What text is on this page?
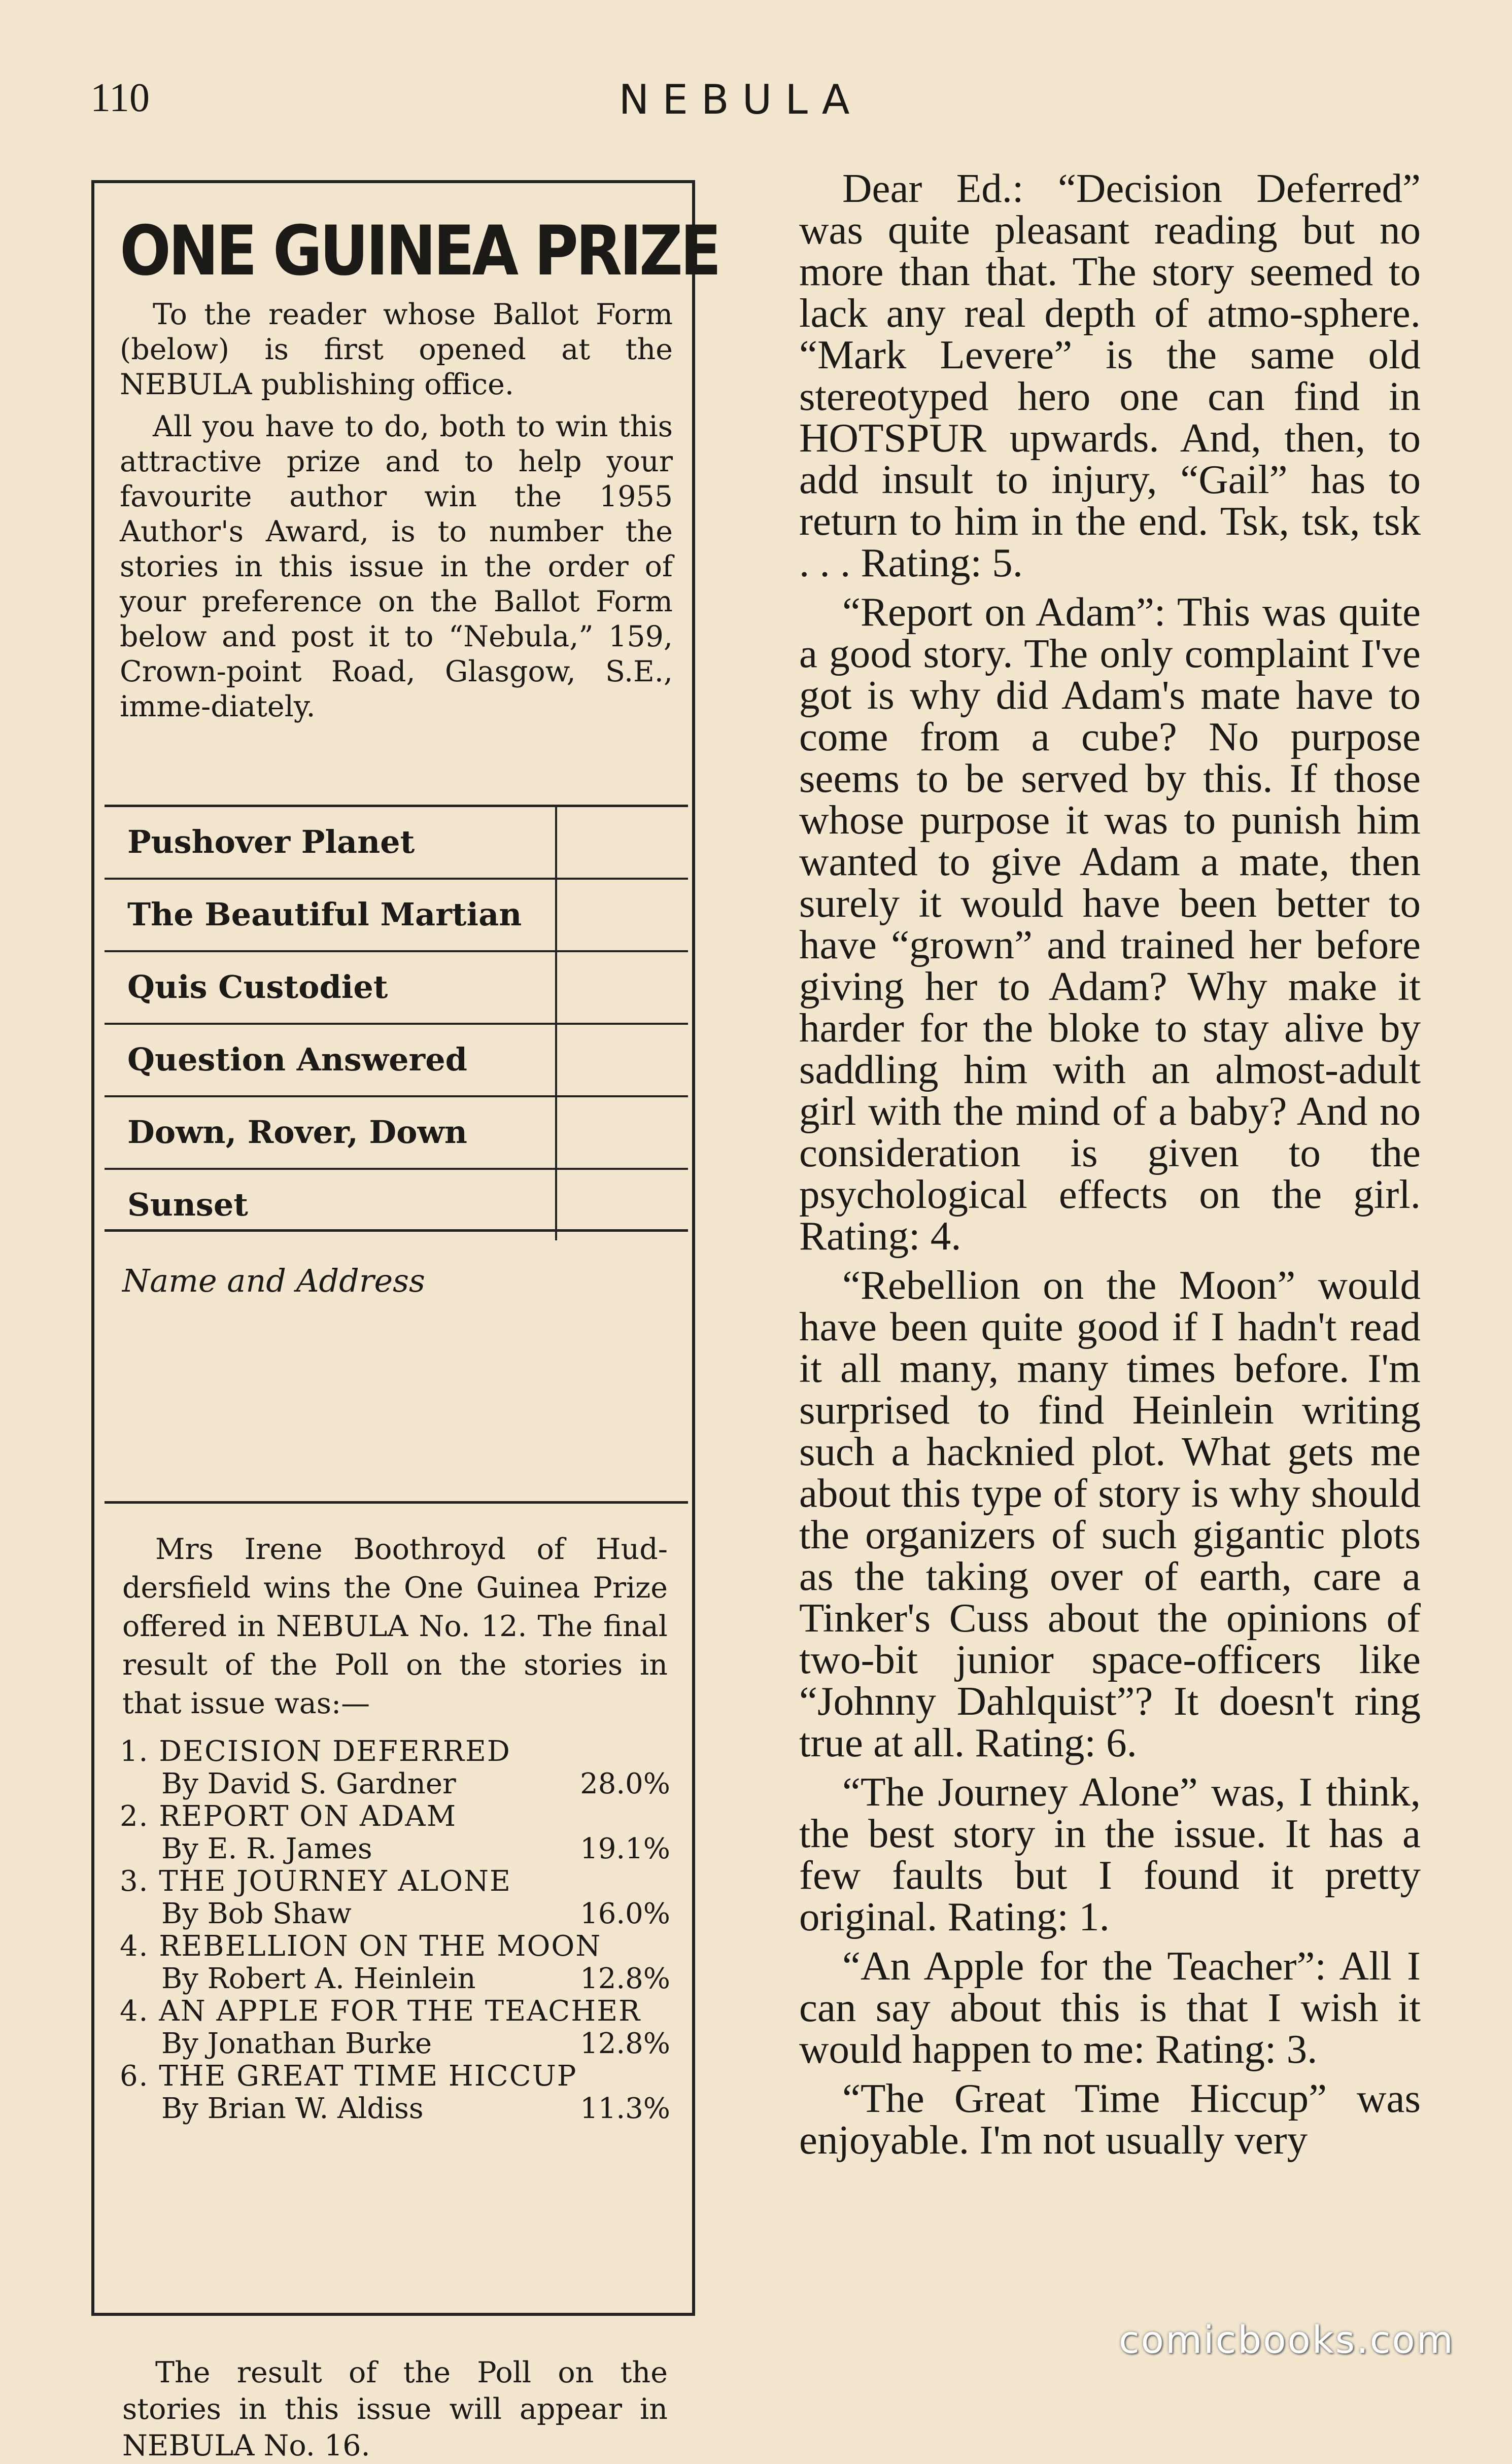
110	NEBULA
ONE GUINEA PRIZE

To the reader whose Ballot Form (below) is first opened at the NEBULA publishing office.

All you have to do, both to win this attractive prize and to help your favourite author win the 1955 Author's Award, is to number the stories in this issue in the order of your preference on the Ballot Form below and post it to “Nebula,” 159, Crown-point Road, Glasgow, S.E., imme-diately.

Pushover Planet
The Beautiful Martian
Quis Custodiet
Question Answered
Down, Rover, Down
Sunset
Name and Address
Mrs Irene Boothroyd of Hud-dersfield wins the One Guinea Prize offered in NEBULA No. 12. The final result of the Poll on the stories in that issue was:—
1. DECISION DEFERRED
By David S. Gardner	28.0%
2. REPORT ON ADAM
By E. R. James	19.1%
3. THE JOURNEY ALONE
By Bob Shaw	16.0%
4. REBELLION ON THE MOON
By Robert A. Heinlein	12.8%
4. AN APPLE FOR THE TEACHER
By Jonathan Burke	12.8%
6. THE GREAT TIME HICCUP
By Brian W. Aldiss	11.3%
The result of the Poll on the stories in this issue will appear in NEBULA No. 16.

Dear Ed.: “Decision Deferred” was quite pleasant reading but no more than that. The story seemed to lack any real depth of atmo-sphere. “Mark Levere” is the same old stereotyped hero one can find in HOTSPUR upwards. And, then, to add insult to injury, “Gail” has to return to him in the end. Tsk, tsk, tsk . . . Rating: 5.

“Report on Adam”: This was quite a good story. The only complaint I've got is why did Adam's mate have to come from a cube? No purpose seems to be served by this. If those whose purpose it was to punish him wanted to give Adam a mate, then surely it would have been better to have “grown” and trained her before giving her to Adam? Why make it harder for the bloke to stay alive by saddling him with an almost-adult girl with the mind of a baby? And no consideration is given to the psychological effects on the girl. Rating: 4.

“Rebellion on the Moon” would have been quite good if I hadn't read it all many, many times before. I'm surprised to find Heinlein writing such a hacknied plot. What gets me about this type of story is why should the organizers of such gigantic plots as the taking over of earth, care a Tinker's Cuss about the opinions of two-bit junior space-officers like “Johnny Dahlquist”? It doesn't ring true at all. Rating: 6.

“The Journey Alone” was, I think, the best story in the issue. It has a few faults but I found it pretty original. Rating: 1.

“An Apple for the Teacher”: All I can say about this is that I wish it would happen to me: Rating: 3.

“The Great Time Hiccup” was enjoyable. I'm not usually very

comicbooks.com
